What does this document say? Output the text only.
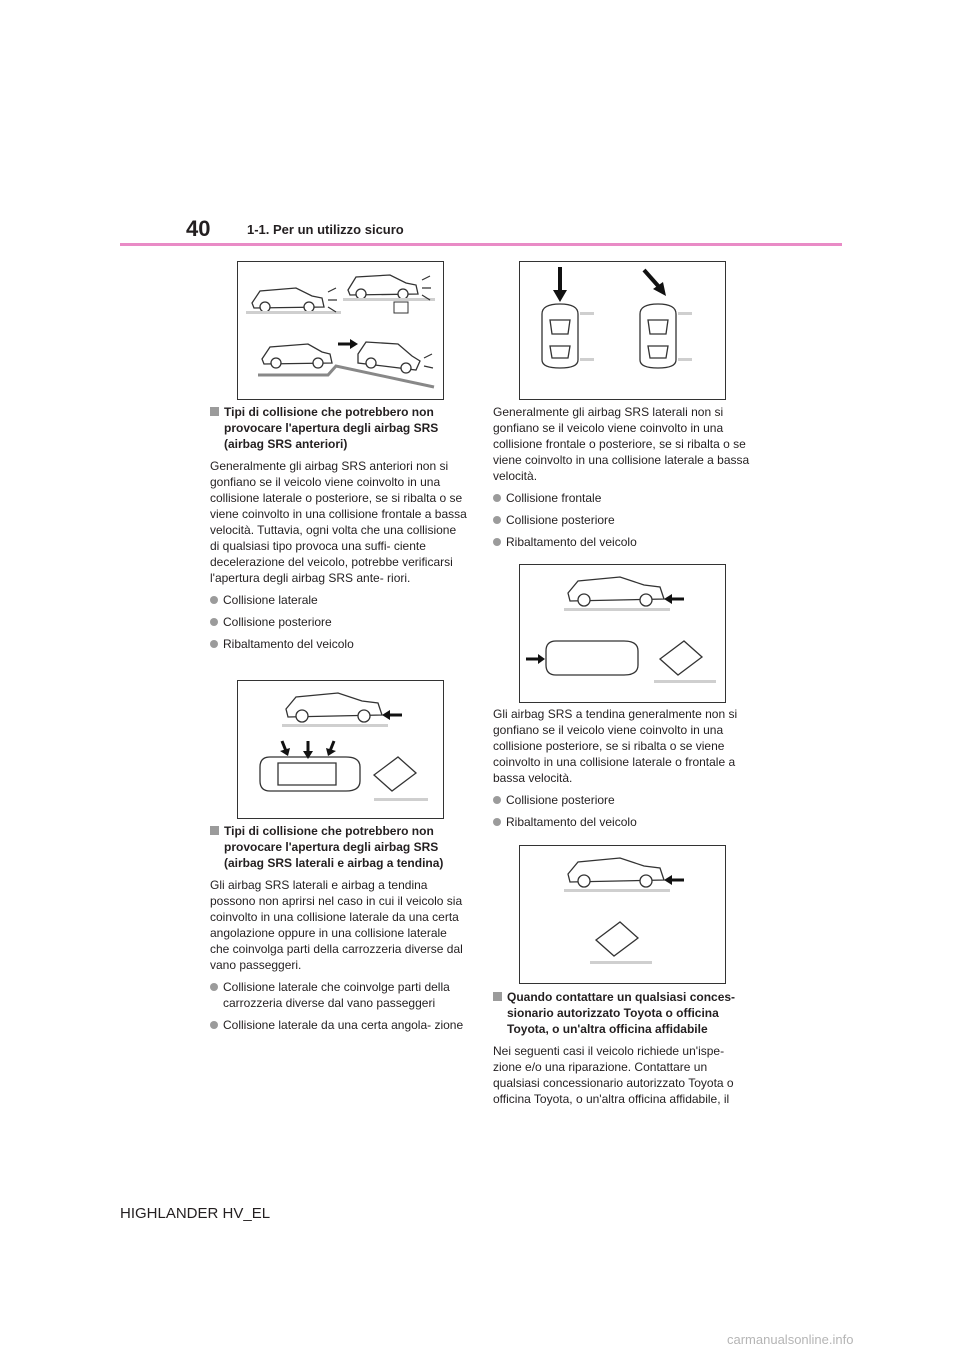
40	1-1. Per un utilizzo sicuro
Tipi di collisione che potrebbero non provocare l'apertura degli airbag SRS (airbag SRS anteriori)

Generalmente gli airbag SRS anteriori non si gonfiano se il veicolo viene coinvolto in una collisione laterale o posteriore, se si ribalta o se viene coinvolto in una collisione frontale a bassa velocità. Tuttavia, ogni volta che una collisione di qualsiasi tipo provoca una suffi- ciente decelerazione del veicolo, potrebbe verificarsi l'apertura degli airbag SRS ante- riori.

Collisione laterale
Collisione posteriore
Ribaltamento del veicolo
Tipi di collisione che potrebbero non provocare l'apertura degli airbag SRS (airbag SRS laterali e airbag a tendina)

Gli airbag SRS laterali e airbag a tendina possono non aprirsi nel caso in cui il veicolo sia coinvolto in una collisione laterale da una certa angolazione oppure in una collisione laterale che coinvolga parti della carrozzeria diverse dal vano passeggeri.

Collisione laterale che coinvolge parti della carrozzeria diverse dal vano passeggeri
Collisione laterale da una certa angola- zione

Generalmente gli airbag SRS laterali non si gonfiano se il veicolo viene coinvolto in una collisione frontale o posteriore, se si ribalta o se viene coinvolto in una collisione laterale a bassa velocità.

Collisione frontale
Collisione posteriore
Ribaltamento del veicolo

Gli airbag SRS a tendina generalmente non si gonfiano se il veicolo viene coinvolto in una collisione posteriore, se si ribalta o se viene coinvolto in una collisione laterale o frontale a bassa velocità.

Collisione posteriore
Ribaltamento del veicolo
Quando contattare un qualsiasi conces- sionario autorizzato Toyota o officina Toyota, o un'altra officina affidabile

Nei seguenti casi il veicolo richiede un'ispe- zione e/o una riparazione. Contattare un qualsiasi concessionario autorizzato Toyota o officina Toyota, o un'altra officina affidabile, il

HIGHLANDER HV_EL
carmanualsonline.info
